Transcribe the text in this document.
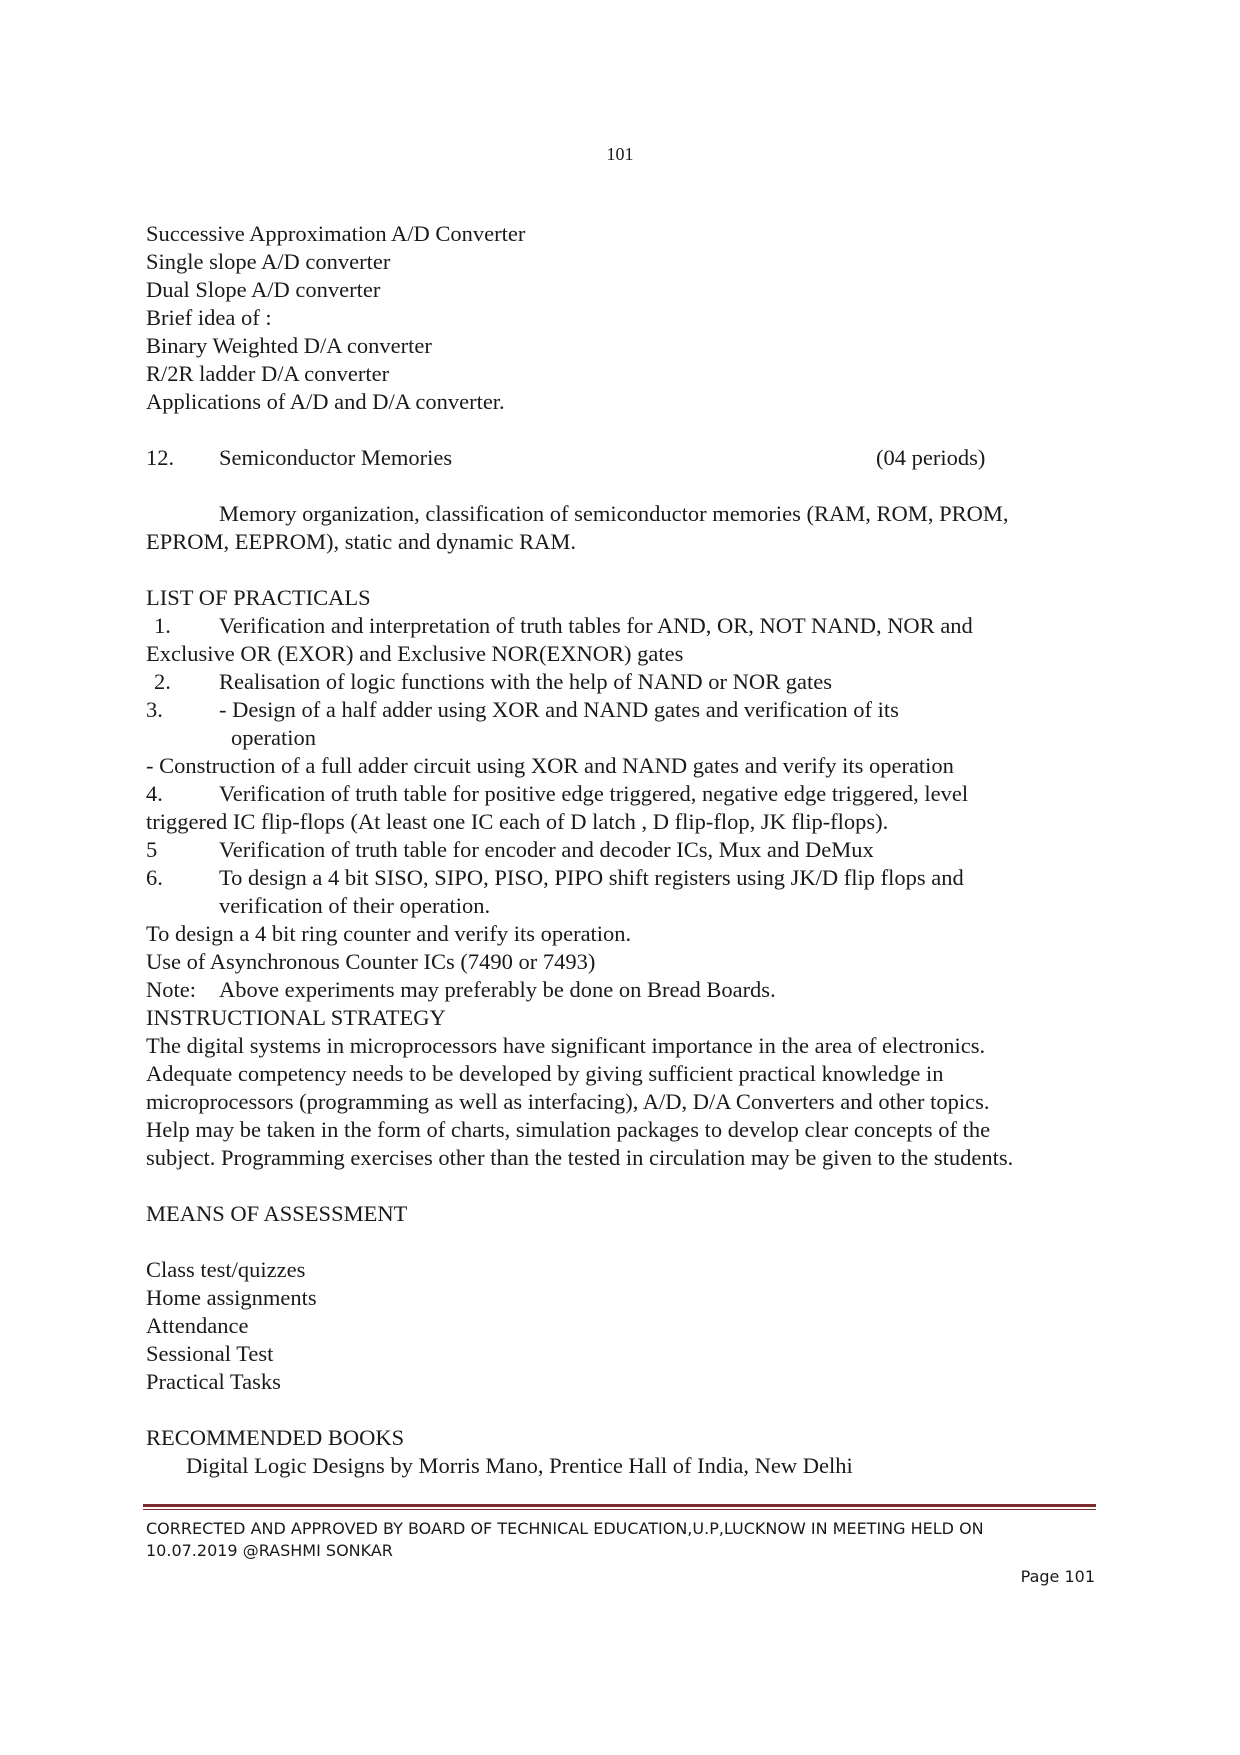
101
Successive Approximation A/D Converter
Single slope A/D converter
Dual Slope A/D converter
Brief idea of :
Binary Weighted D/A converter
R/2R ladder D/A converter
Applications of A/D and D/A converter.
12. Semiconductor Memories	(04 periods)
Memory organization, classification of semiconductor memories (RAM, ROM, PROM,
EPROM, EEPROM), static and dynamic RAM.
LIST OF PRACTICALS
1. Verification and interpretation of truth tables for AND, OR, NOT NAND, NOR and
Exclusive OR (EXOR) and Exclusive NOR(EXNOR) gates
2. Realisation of logic functions with the help of NAND or NOR gates
3. - Design of a half adder using XOR and NAND gates and verification of its
operation
- Construction of a full adder circuit using XOR and NAND gates and verify its operation
4. Verification of truth table for positive edge triggered, negative edge triggered, level
triggered IC flip-flops (At least one IC each of D latch , D flip-flop, JK flip-flops).
5	Verification of truth table for encoder and decoder ICs, Mux and DeMux
6. To design a 4 bit SISO, SIPO, PISO, PIPO shift registers using JK/D flip flops and
verification of their operation.
To design a 4 bit ring counter and verify its operation.
Use of Asynchronous Counter ICs (7490 or 7493)
Note: Above experiments may preferably be done on Bread Boards.
INSTRUCTIONAL STRATEGY
The digital systems in microprocessors have significant importance in the area of electronics.
Adequate competency needs to be developed by giving sufficient practical knowledge in
microprocessors (programming as well as interfacing), A/D, D/A Converters and other topics.
Help may be taken in the form of charts, simulation packages to develop clear concepts of the
subject. Programming exercises other than the tested in circulation may be given to the students.
MEANS OF ASSESSMENT
Class test/quizzes
Home assignments
Attendance
Sessional Test
Practical Tasks
RECOMMENDED BOOKS
Digital Logic Designs by Morris Mano, Prentice Hall of India, New Delhi
CORRECTED AND APPROVED BY BOARD OF TECHNICAL EDUCATION,U.P,LUCKNOW IN MEETING HELD ON
10.07.2019 @RASHMI SONKAR
Page 101
